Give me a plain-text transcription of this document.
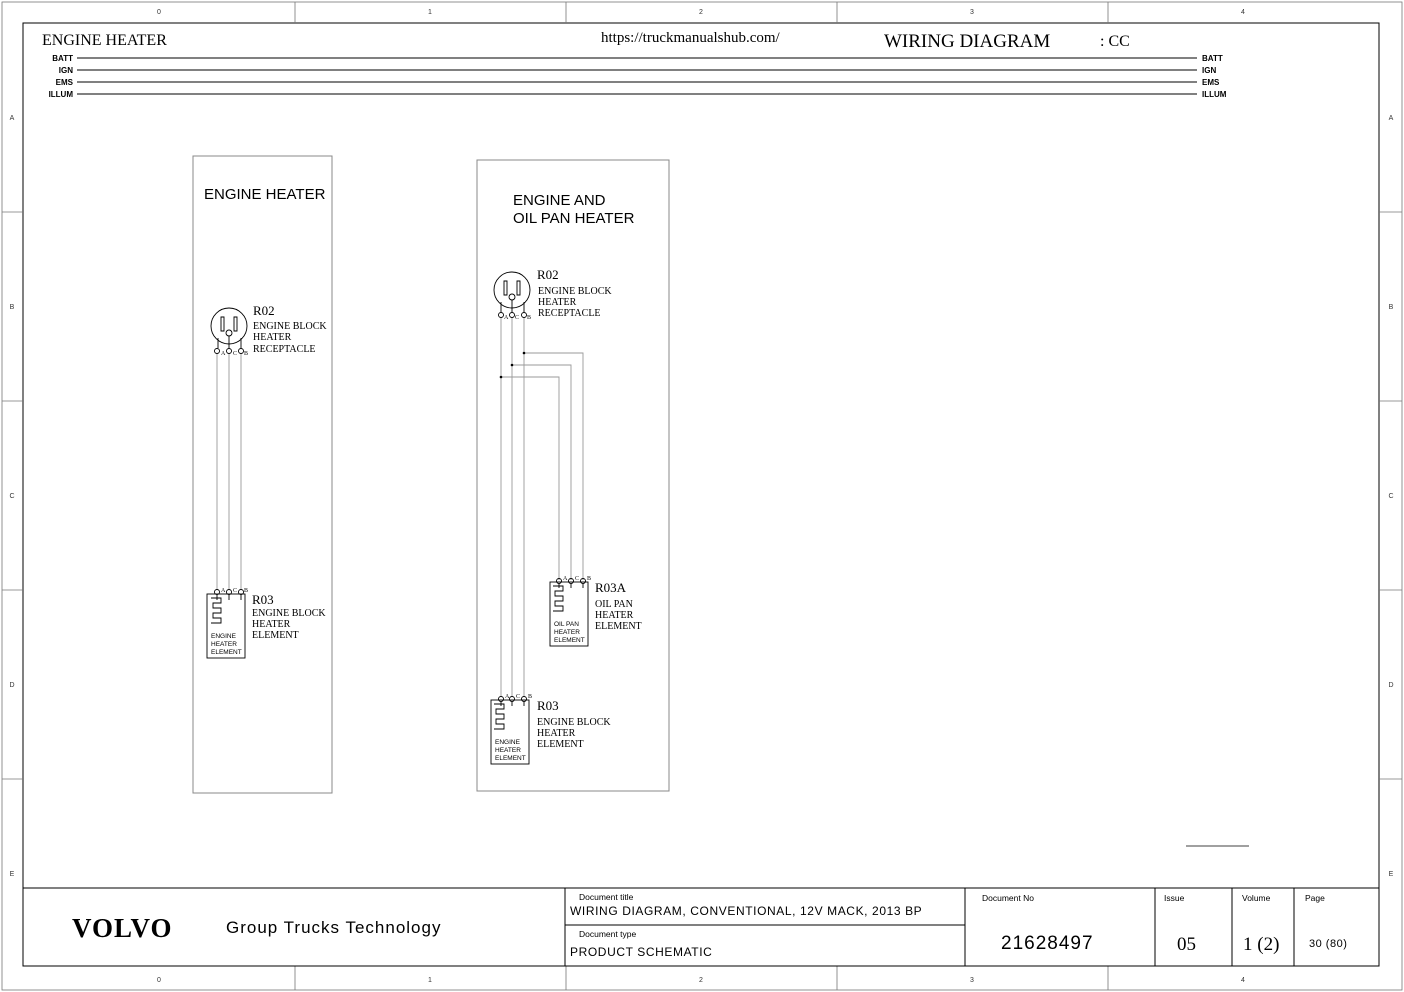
0	1	2	3	4
0	1	2	3	4
A
B
C
D
E
A
B
C
D
E
ENGINE HEATER	https://truckmanualshub.com/	WIRING DIAGRAM	: CC
BATT
IGN
EMS
ILLUM
BATT
IGN
EMS
ILLUM
ENGINE HEATER
A C B
R02
ENGINE BLOCK
HEATER
RECEPTACLE
A C B
ENGINE
HEATER
ELEMENT
R03
ENGINE BLOCK
HEATER
ELEMENT
ENGINE AND
OIL PAN HEATER
A C B
R02
ENGINE BLOCK
HEATER
RECEPTACLE
A C B
OIL PAN
HEATER
ELEMENT
R03A
OIL PAN
HEATER
ELEMENT
A C B
ENGINE
HEATER
ELEMENT
R03
ENGINE BLOCK
HEATER
ELEMENT
VOLVO	Group Trucks Technology
Document title
WIRING DIAGRAM, CONVENTIONAL, 12V MACK, 2013 BP
Document type
PRODUCT SCHEMATIC
Document No
21628497
Issue
05
Volume
1 (2)
Page
30 (80)
